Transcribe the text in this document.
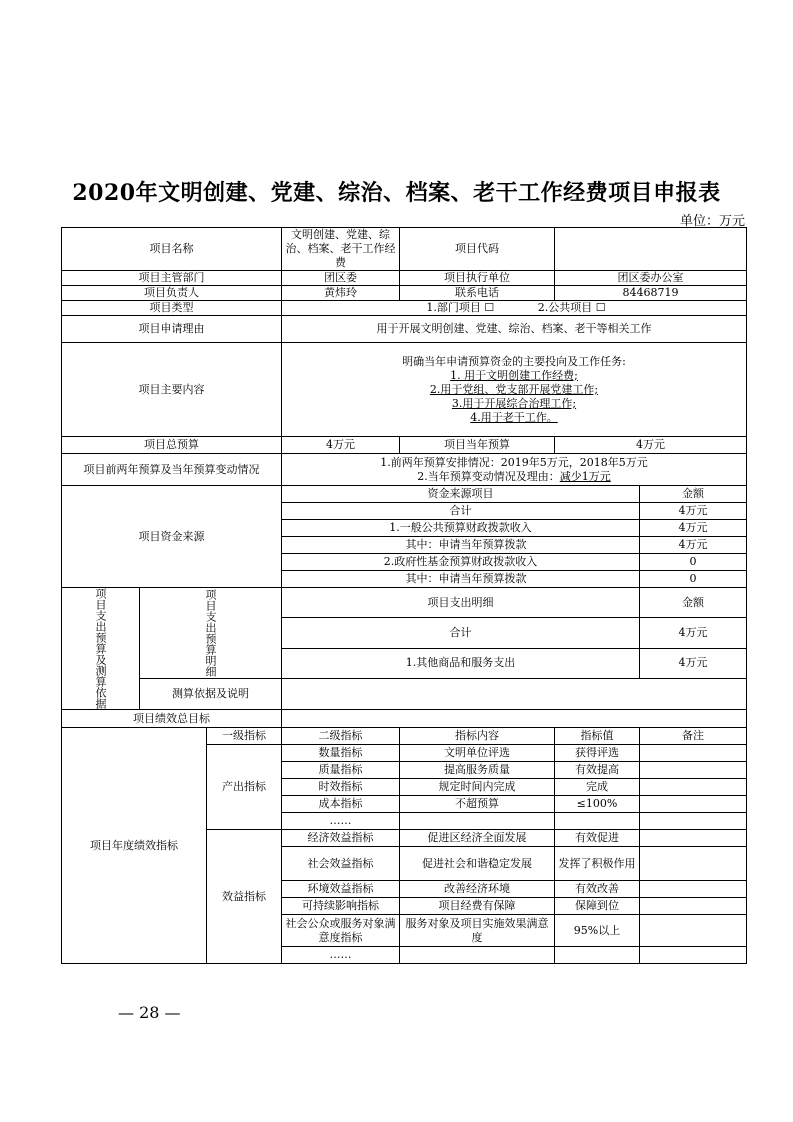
2020年文明创建、党建、综治、档案、老干工作经费项目申报表
单位：万元
项目名称			文明创建、党建、综治、档案、老干工作经费	项目代码		
项目主管部门			团区委	项目执行单位	团区委办公室	
项目负责人			黄炜玲	联系电话	84468719	
项目类型			1.部门项目 ☐ 2.公共项目 ☐			
项目申请理由			用于开展文明创建、党建、综治、档案、老干等相关工作			
项目主要内容			明确当年申请预算资金的主要投向及工作任务:
1. 用于文明创建工作经费;
2.用于党组、党支部开展党建工作;
3.用于开展综合治理工作;
4.用于老干工作。			

项目总预算			4万元	项目当年预算	4万元	
项目前两年预算及当年预算变动情况			1.前两年预算安排情况：2019年5万元，2018年5万元
2.当年预算变动情况及理由：减少1万元			

项目资金来源			资金来源项目			金额
			合计			4万元
			1.一般公共预算财政拨款收入			4万元
			其中：申请当年预算拨款			4万元
			2.政府性基金预算财政拨款收入			0
			其中：申请当年预算拨款			0

项目支出预算及测算依据	项目支出预算明细		项目支出明细			金额
			合计			4万元
			1.其他商品和服务支出			4万元
	测算依据及说明					
项目绩效总目标						
项目年度绩效指标		一级指标	二级指标	指标内容	指标值	备注
		产出指标	数量指标	文明单位评选	获得评选	
			质量指标	提高服务质量	有效提高	
			时效指标	规定时间内完成	完成	
			成本指标	不超预算	≤100%	
			……			
		效益指标	经济效益指标	促进区经济全面发展	有效促进	
			社会效益指标	促进社会和谐稳定发展	发挥了积极作用	
			环境效益指标	改善经济环境	有效改善	
			可持续影响指标	项目经费有保障	保障到位	
			社会公众或服务对象满意度指标	服务对象及项目实施效果满意度	95%以上	
			……			
— 28 —
